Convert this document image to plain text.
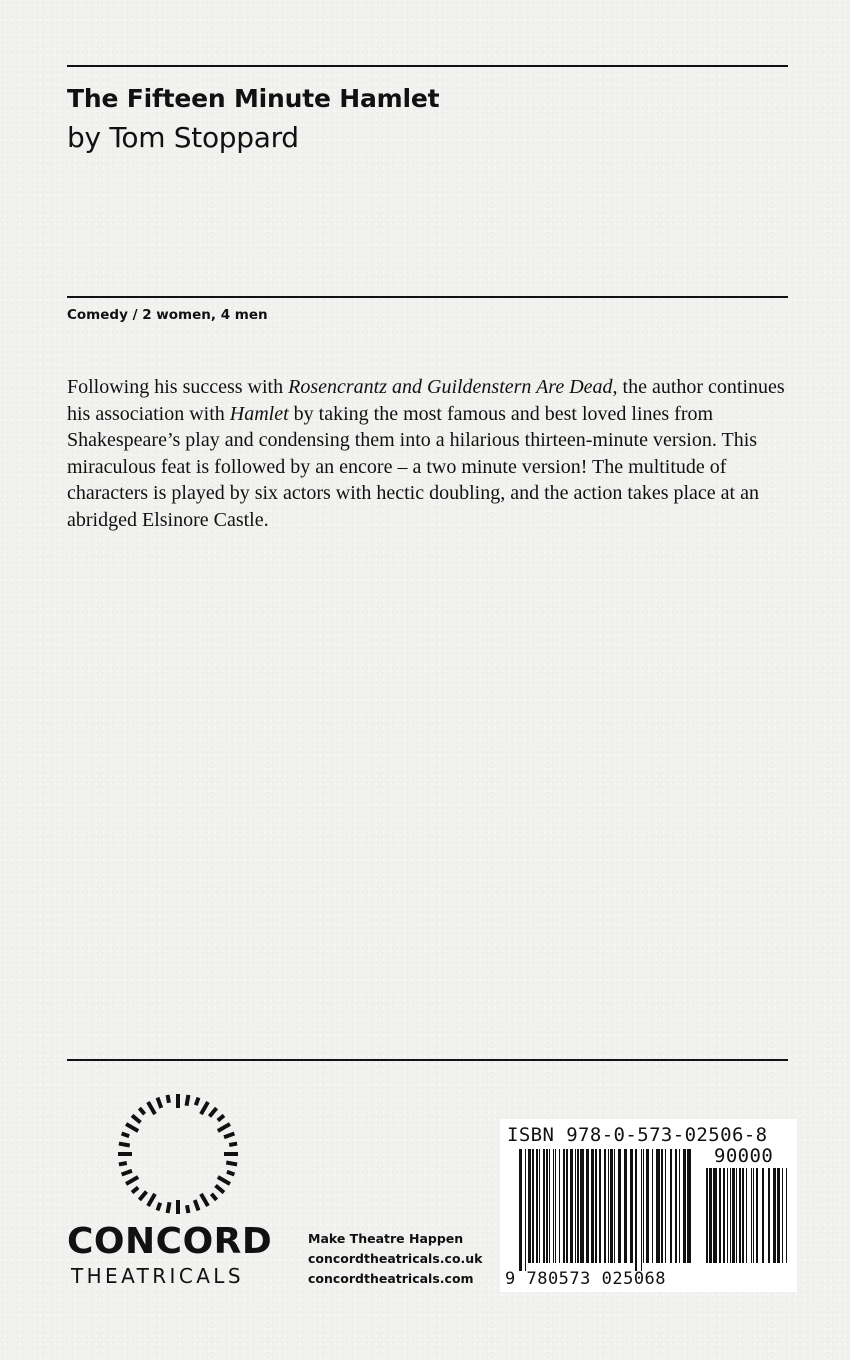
The Fifteen Minute Hamlet
by Tom Stoppard
Comedy / 2 women, 4 men

Following his success with Rosencrantz and Guildenstern Are Dead, the author continues his association with Hamlet by taking the most famous and best loved lines from Shakespeare’s play and condensing them into a hilarious thirteen-minute version. This miraculous feat is followed by an encore – a two minute version! The multitude of characters is played by six actors with hectic doubling, and the action takes place at an abridged Elsinore Castle.

CONCORD
THEATRICALS
Make Theatre Happen
concordtheatricals.co.uk
concordtheatricals.com
ISBN 978-0-573-02506-8
90000
9 780573 025068
